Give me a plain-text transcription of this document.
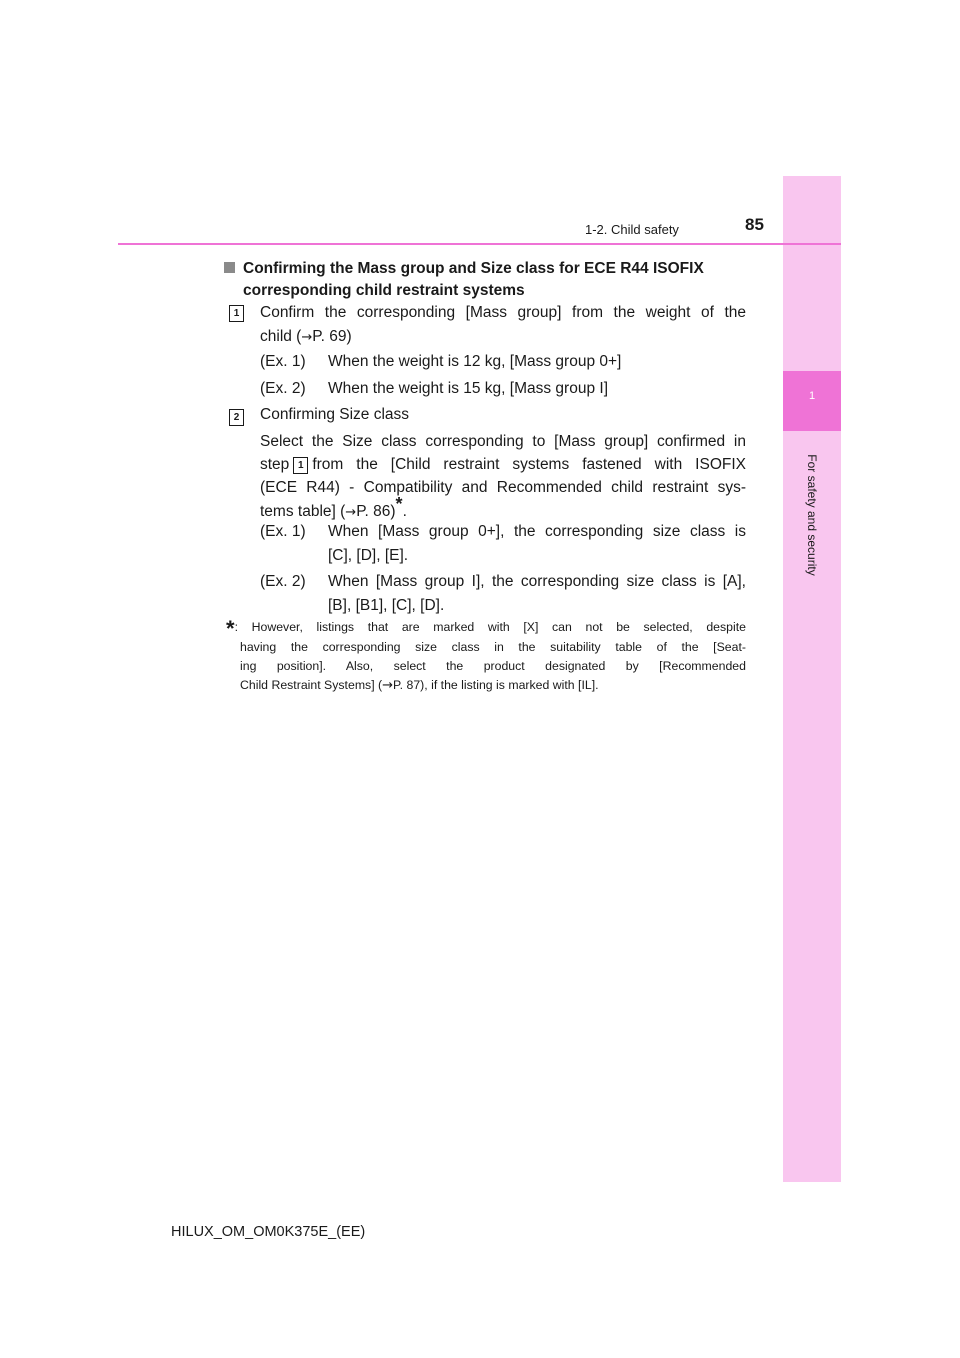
1
For safety and security
1-2. Child safety	85
Confirming the Mass group and Size class for ECE R44 ISOFIX
corresponding child restraint systems
1	Confirm the corresponding [Mass group] from the weight of the
child (→P. 69)
(Ex. 1) When the weight is 12 kg, [Mass group 0+]
(Ex. 2) When the weight is 15 kg, [Mass group I]
2	Confirming Size class
Select the Size class corresponding to [Mass group] confirmed in
step 1 from the [Child restraint systems fastened with ISOFIX
(ECE R44) - Compatibility and Recommended child restraint sys-
tems table] (→P. 86)*.
(Ex. 1) When [Mass group 0+], the corresponding size class is
[C], [D], [E].
(Ex. 2) When [Mass group I], the corresponding size class is [A],
[B], [B1], [C], [D].
*: However, listings that are marked with [X] can not be selected, despite
having the corresponding size class in the suitability table of the [Seat-
ing position]. Also, select the product designated by [Recommended
Child Restraint Systems] (→P. 87), if the listing is marked with [IL].
HILUX_OM_OM0K375E_(EE)
